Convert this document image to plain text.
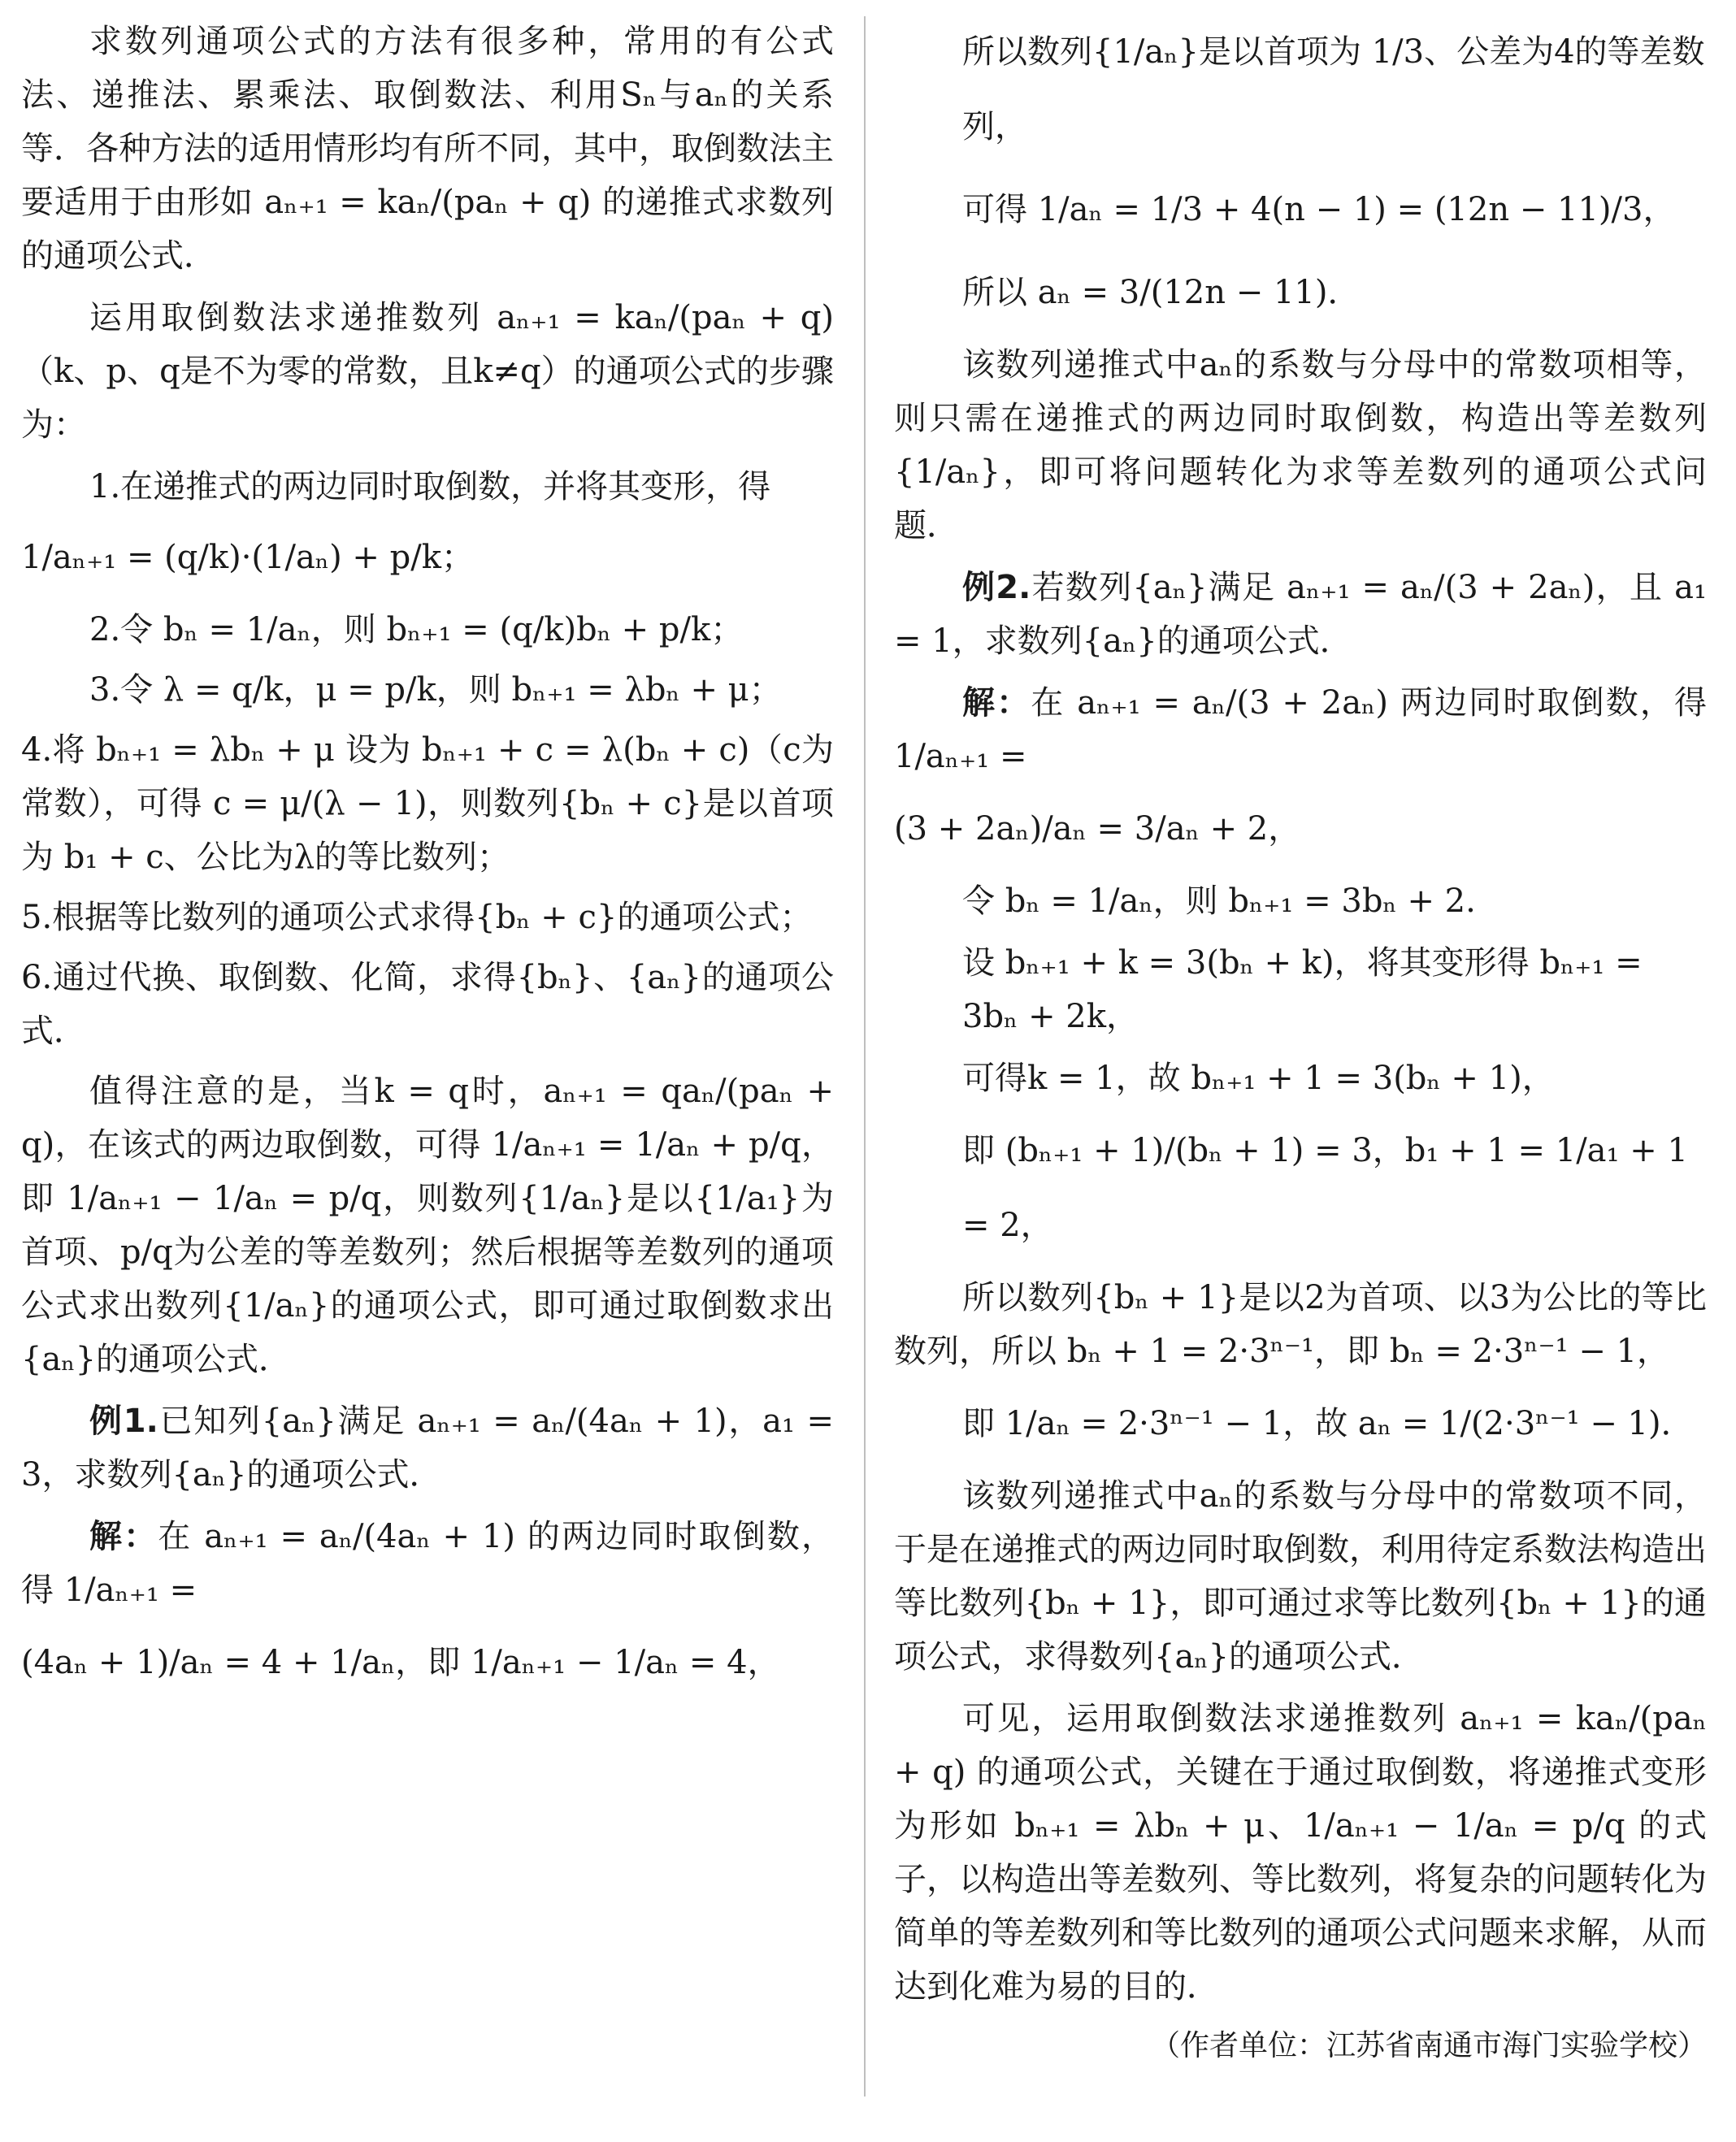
求数列通项公式的方法有很多种，常用的有公式法、递推法、累乘法、取倒数法、利用Sₙ与aₙ的关系等．各种方法的适用情形均有所不同，其中，取倒数法主要适用于由形如 aₙ₊₁ = kaₙ/(paₙ + q) 的递推式求数列的通项公式．

运用取倒数法求递推数列 aₙ₊₁ = kaₙ/(paₙ + q)（k、p、q是不为零的常数，且k≠q）的通项公式的步骤为：

1.在递推式的两边同时取倒数，并将其变形，得

1/aₙ₊₁ = (q/k)·(1/aₙ) + p/k；

2.令 bₙ = 1/aₙ，则 bₙ₊₁ = (q/k)bₙ + p/k；

3.令 λ = q/k，μ = p/k，则 bₙ₊₁ = λbₙ + μ；

4.将 bₙ₊₁ = λbₙ + μ 设为 bₙ₊₁ + c = λ(bₙ + c)（c为常数），可得 c = μ/(λ − 1)，则数列{bₙ + c}是以首项为 b₁ + c、公比为λ的等比数列；

5.根据等比数列的通项公式求得{bₙ + c}的通项公式；

6.通过代换、取倒数、化简，求得{bₙ}、{aₙ}的通项公式．

值得注意的是，当k = q时，aₙ₊₁ = qaₙ/(paₙ + q)，在该式的两边取倒数，可得 1/aₙ₊₁ = 1/aₙ + p/q，即 1/aₙ₊₁ − 1/aₙ = p/q，则数列{1/aₙ}是以{1/a₁}为首项、p/q为公差的等差数列；然后根据等差数列的通项公式求出数列{1/aₙ}的通项公式，即可通过取倒数求出{aₙ}的通项公式．

例1.已知列{aₙ}满足 aₙ₊₁ = aₙ/(4aₙ + 1)，a₁ = 3，求数列{aₙ}的通项公式．

解：在 aₙ₊₁ = aₙ/(4aₙ + 1) 的两边同时取倒数，得 1/aₙ₊₁ =

(4aₙ + 1)/aₙ = 4 + 1/aₙ，即 1/aₙ₊₁ − 1/aₙ = 4，

所以数列{1/aₙ}是以首项为 1/3、公差为4的等差数列，

可得 1/aₙ = 1/3 + 4(n − 1) = (12n − 11)/3，

所以 aₙ = 3/(12n − 11)．

该数列递推式中aₙ的系数与分母中的常数项相等，则只需在递推式的两边同时取倒数，构造出等差数列{1/aₙ}，即可将问题转化为求等差数列的通项公式问题．

例2.若数列{aₙ}满足 aₙ₊₁ = aₙ/(3 + 2aₙ)，且 a₁ = 1，求数列{aₙ}的通项公式．

解：在 aₙ₊₁ = aₙ/(3 + 2aₙ) 两边同时取倒数，得 1/aₙ₊₁ =

(3 + 2aₙ)/aₙ = 3/aₙ + 2，

令 bₙ = 1/aₙ，则 bₙ₊₁ = 3bₙ + 2.

设 bₙ₊₁ + k = 3(bₙ + k)，将其变形得 bₙ₊₁ = 3bₙ + 2k，

可得k = 1，故 bₙ₊₁ + 1 = 3(bₙ + 1)，

即 (bₙ₊₁ + 1)/(bₙ + 1) = 3，b₁ + 1 = 1/a₁ + 1 = 2，

所以数列{bₙ + 1}是以2为首项、以3为公比的等比数列，所以 bₙ + 1 = 2·3ⁿ⁻¹，即 bₙ = 2·3ⁿ⁻¹ − 1，

即 1/aₙ = 2·3ⁿ⁻¹ − 1，故 aₙ = 1/(2·3ⁿ⁻¹ − 1)．

该数列递推式中aₙ的系数与分母中的常数项不同，于是在递推式的两边同时取倒数，利用待定系数法构造出等比数列{bₙ + 1}，即可通过求等比数列{bₙ + 1}的通项公式，求得数列{aₙ}的通项公式．

可见，运用取倒数法求递推数列 aₙ₊₁ = kaₙ/(paₙ + q) 的通项公式，关键在于通过取倒数，将递推式变形为形如 bₙ₊₁ = λbₙ + μ、1/aₙ₊₁ − 1/aₙ = p/q 的式子，以构造出等差数列、等比数列，将复杂的问题转化为简单的等差数列和等比数列的通项公式问题来求解，从而达到化难为易的目的．

（作者单位：江苏省南通市海门实验学校）
